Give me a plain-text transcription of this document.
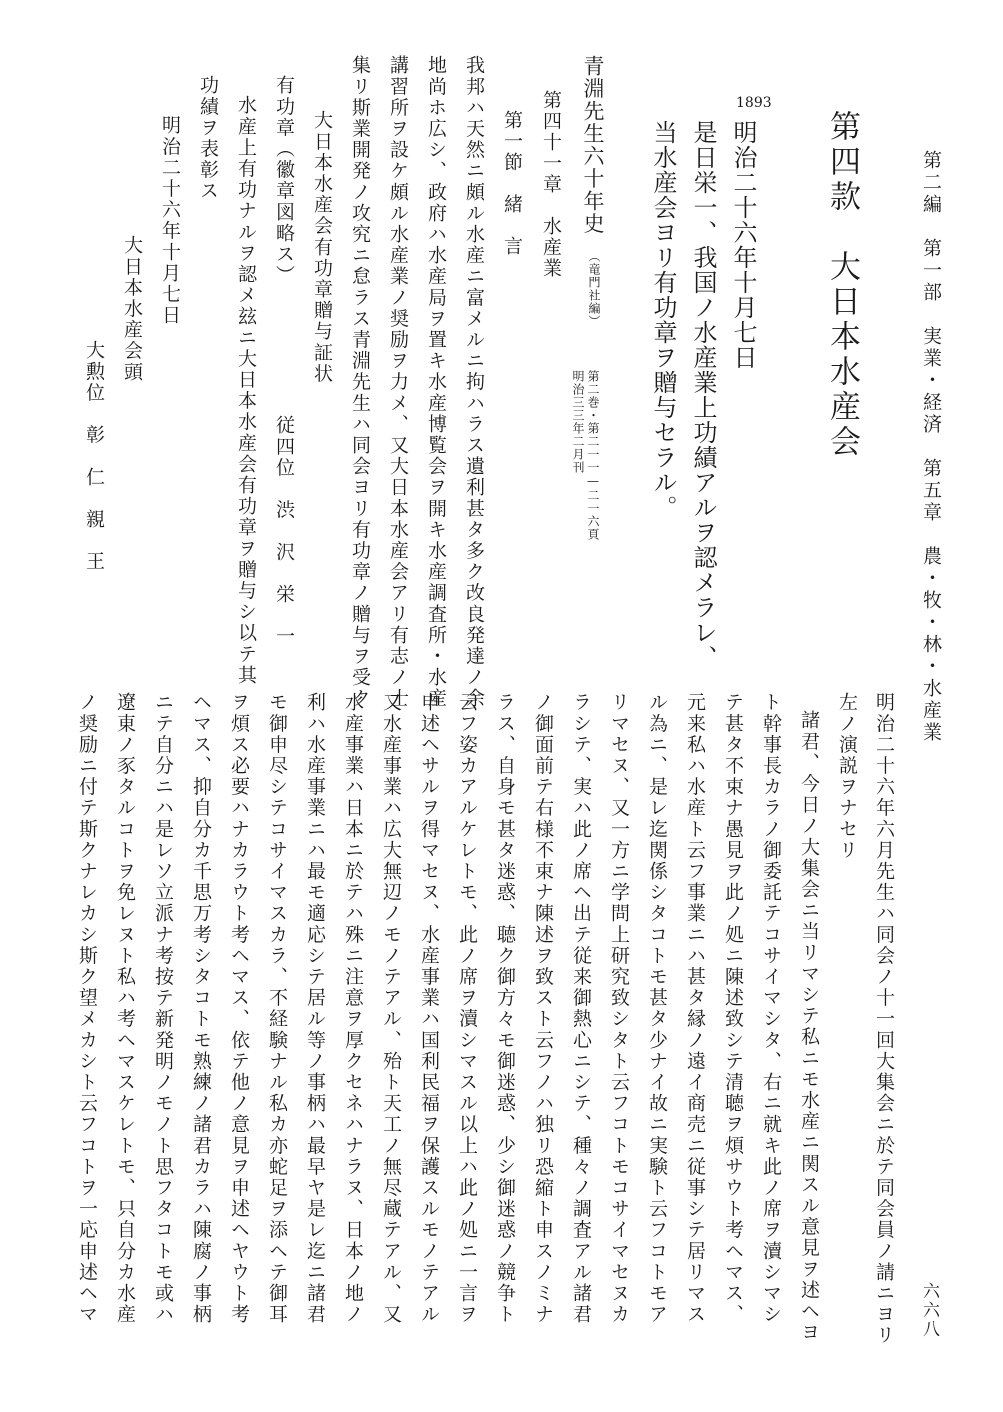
第二編　第一部　実業・経済　第五章　農・牧・林・水産業
六六八
第四款　大日本水産会
1893
明治二十六年十月七日
是日栄一、我国ノ水産業上功績アルヲ認メラレ、
当水産会ヨリ有功章ヲ贈与セラル。
青淵先生六十年史
（竜門社編）
第二巻・第二一一—二一六頁
明治三三年二月刊
第四十一章　水産業
第一節　緒　言
我邦ハ天然ニ頗ル水産ニ富メルニ拘ハラス遺利甚タ多ク改良発達ノ余
地尚ホ広シ、政府ハ水産局ヲ置キ水産博覧会ヲ開キ水産調査所・水産
講習所ヲ設ケ頗ル水産業ノ奨励ヲ力メ、又大日本水産会アリ有志ノ士
集リ斯業開発ノ攻究ニ怠ラス青淵先生ハ同会ヨリ有功章ノ贈与ヲ受ク
大日本水産会有功章贈与証状
従四位　渋　沢　栄　一
有功章（徽章図略ス）
水産上有功ナルヲ認メ玆ニ大日本水産会有功章ヲ贈与シ以テ其
功績ヲ表彰ス
明治二十六年十月七日
大日本水産会頭
大勲位　彰　仁　親　王
明治二十六年六月先生ハ同会ノ十一回大集会ニ於テ同会員ノ請ニヨリ
左ノ演説ヲナセリ
諸君、今日ノ大集会ニ当リマシテ私ニモ水産ニ関スル意見ヲ述ヘヨ
ト幹事長カラノ御委託テコサイマシタ、右ニ就キ此ノ席ヲ瀆シマシ
テ甚タ不束ナ愚見ヲ此ノ処ニ陳述致シテ清聴ヲ煩サウト考ヘマス、
元来私ハ水産ト云フ事業ニハ甚タ縁ノ遠イ商売ニ従事シテ居リマス
ル為ニ、是レ迄関係シタコトモ甚タ少ナイ故ニ実験ト云フコトモア
リマセヌ、又一方ニ学問上研究致シタト云フコトモコサイマセヌカ
ラシテ、実ハ此ノ席ヘ出テ従来御熱心ニシテ、種々ノ調査アル諸君
ノ御面前テ右様不束ナ陳述ヲ致スト云フノハ独リ恐縮ト申スノミナ
ラス、自身モ甚タ迷惑、聴ク御方々モ御迷惑、少シ御迷惑ノ競争ト
云フ姿カアルケレトモ、此ノ席ヲ瀆シマスル以上ハ此ノ処ニ一言ヲ
申述ヘサルヲ得マセヌ、水産事業ハ国利民福ヲ保護スルモノテアル
又水産事業ハ広大無辺ノモノテアル、殆ト天工ノ無尽蔵テアル、又
水産事業ハ日本ニ於テハ殊ニ注意ヲ厚クセネハナラヌ、日本ノ地ノ
利ハ水産事業ニハ最モ適応シテ居ル等ノ事柄ハ最早ヤ是レ迄ニ諸君
モ御申尽シテコサイマスカラ、不経験ナル私カ亦蛇足ヲ添ヘテ御耳
ヲ煩ス必要ハナカラウト考ヘマス、依テ他ノ意見ヲ申述ヘヤウト考
ヘマス、抑自分カ千思万考シタコトモ熟練ノ諸君カラハ陳腐ノ事柄
ニテ自分ニハ是レソ立派ナ考按テ新発明ノモノト思フタコトモ或ハ
遼東ノ豕タルコトヲ免レヌト私ハ考ヘマスケレトモ、只自分カ水産
ノ奨励ニ付テ斯クナレカシ斯ク望メカシト云フコトヲ一応申述ヘマ
